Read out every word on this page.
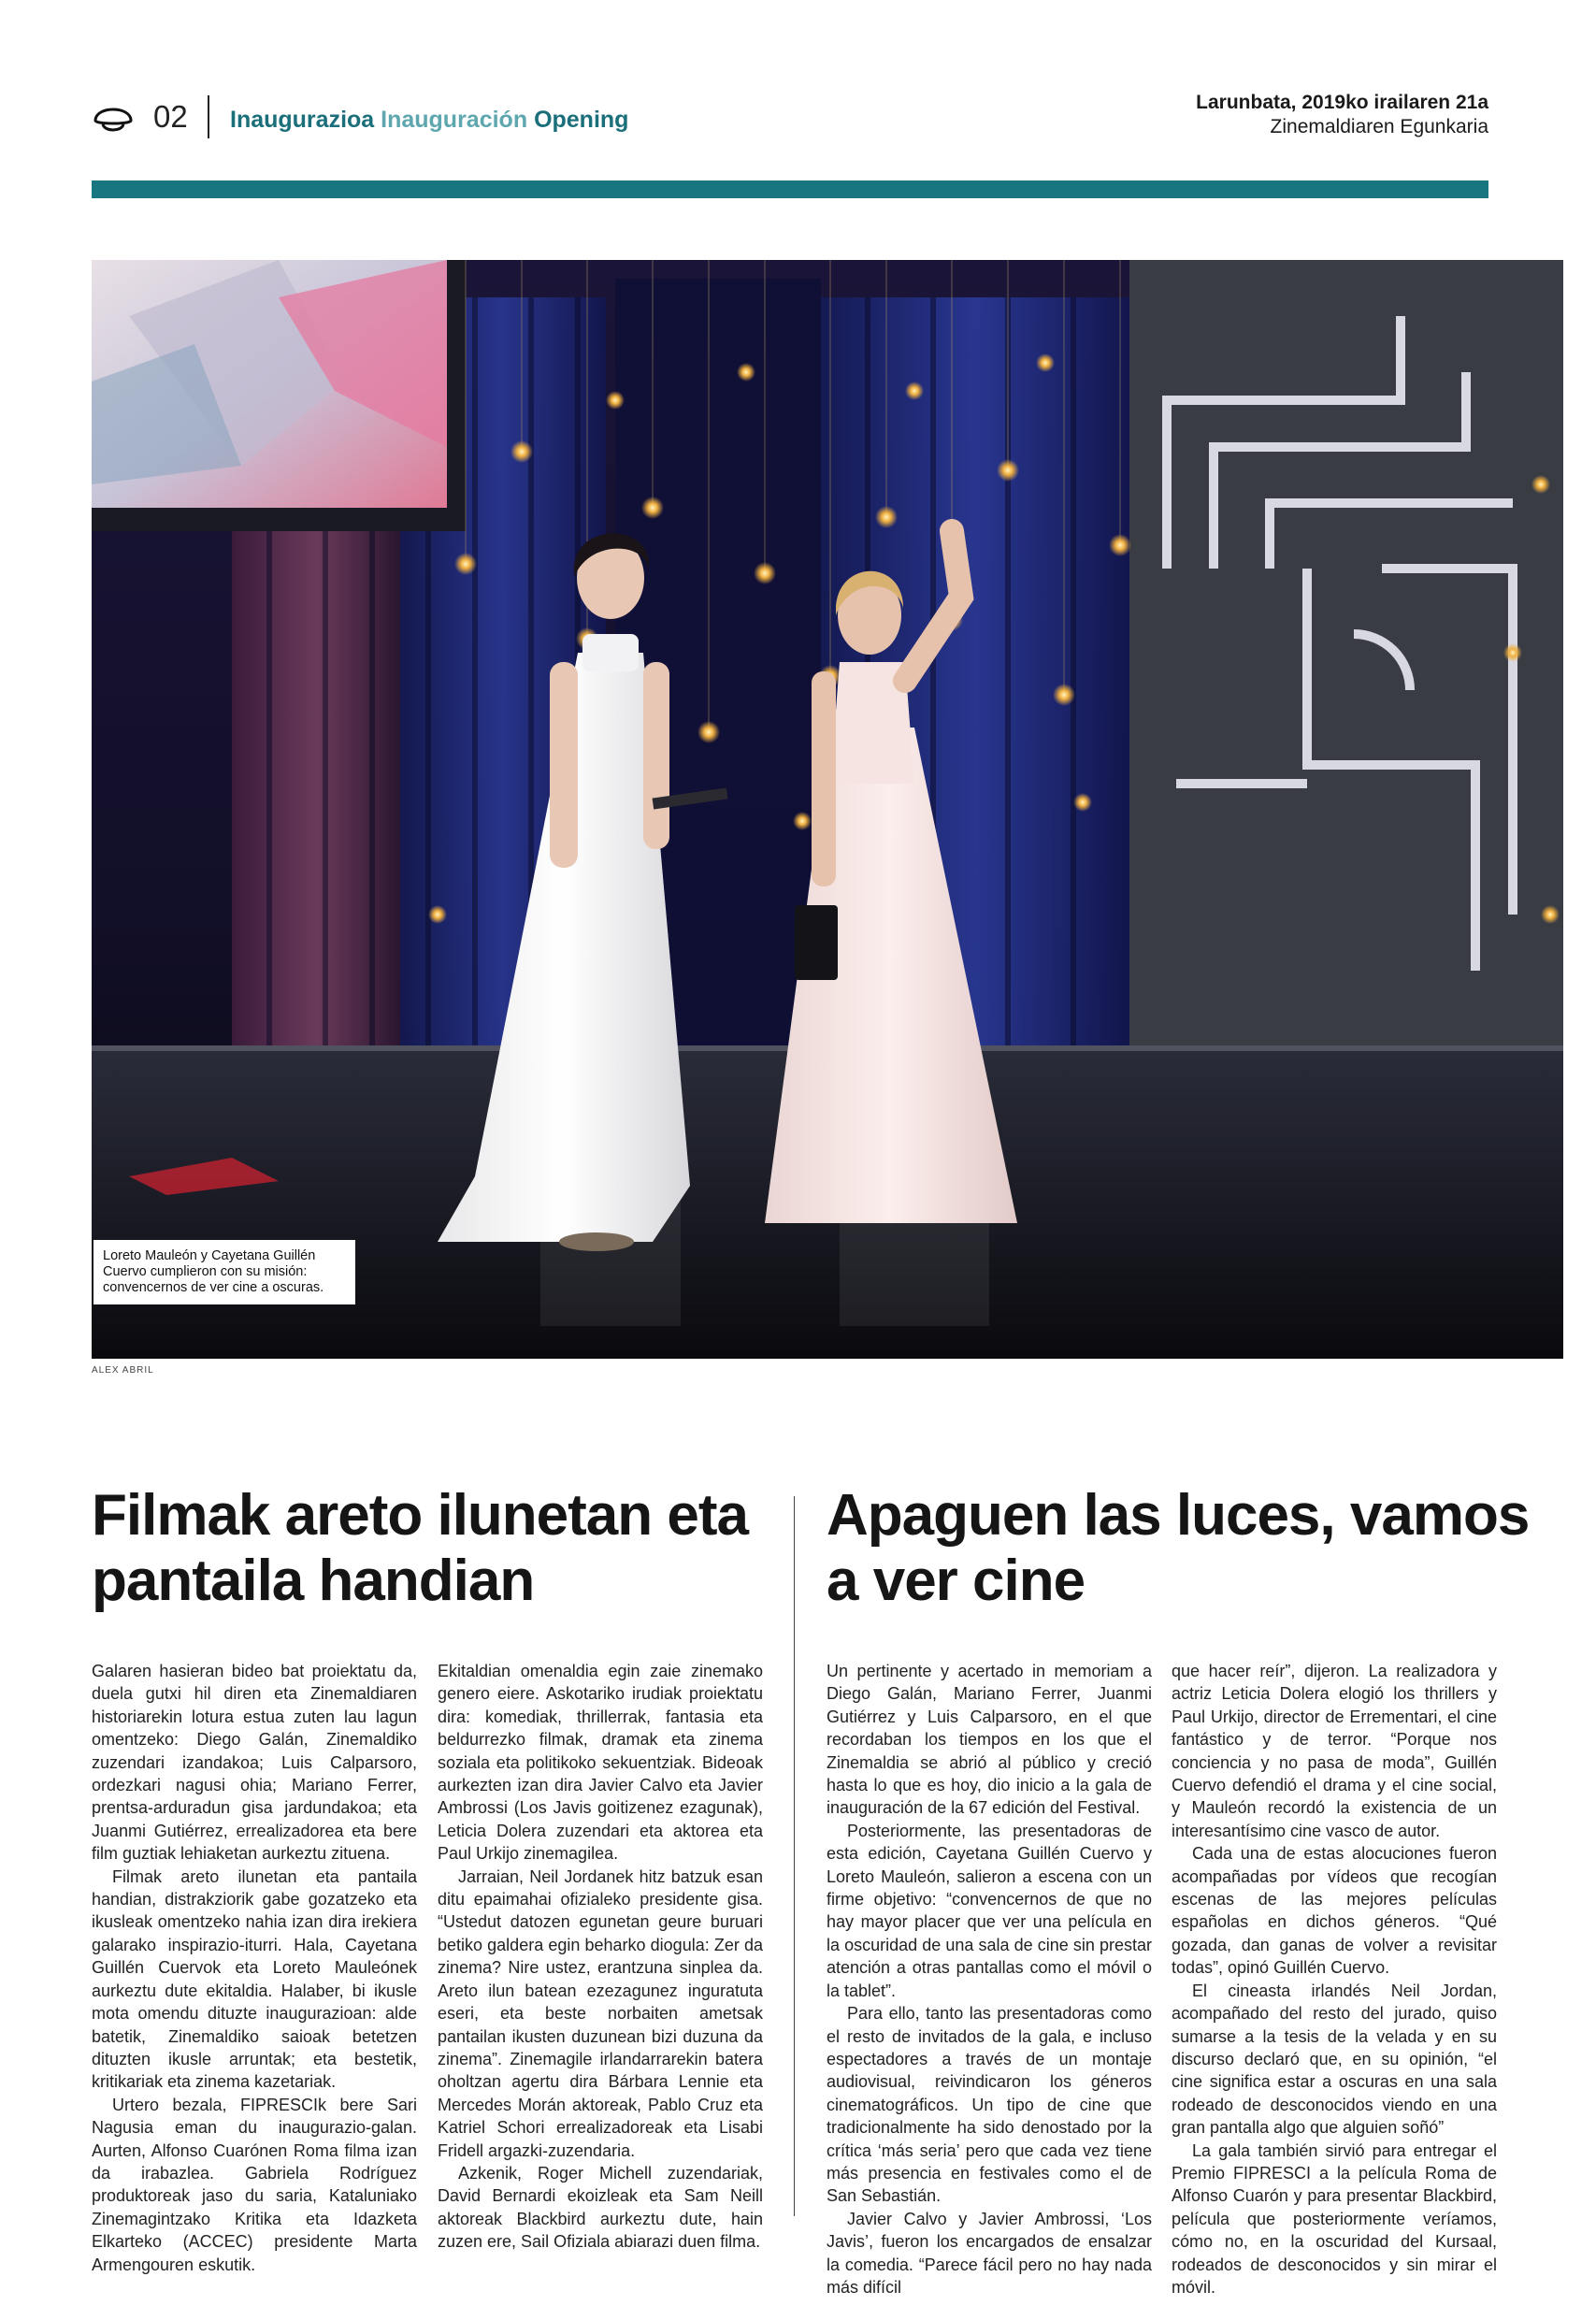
02 Inaugurazioa Inauguración Opening
Larunbata, 2019ko irailaren 21a
Zinemaldiaren Egunkaria
Loreto Mauleón y Cayetana Guillén Cuervo cumplieron con su misión: convencernos de ver cine a oscuras.
ALEX ABRIL
Filmak areto ilunetan eta pantaila handian
Apaguen las luces, vamos a ver cine

Galaren hasieran bideo bat proiektatu da, duela gutxi hil diren eta Zinemaldiaren historiarekin lotura estua zuten lau lagun omentzeko: Diego Galán, Zinemaldiko zuzendari izandakoa; Luis Calparsoro, ordezkari nagusi ohia; Mariano Ferrer, prentsa-arduradun gisa jardundakoa; eta Juanmi Gutiérrez, errealizadorea eta bere film guztiak lehiaketan aurkeztu zituena.

Filmak areto ilunetan eta pantaila handian, distrakziorik gabe gozatzeko eta ikusleak omentzeko nahia izan dira irekiera galarako inspirazio-iturri. Hala, Cayetana Guillén Cuervok eta Loreto Mauleónek aurkeztu dute ekitaldia. Halaber, bi ikusle mota omendu dituzte inaugurazioan: alde batetik, Zinemaldiko saioak betetzen dituzten ikusle arruntak; eta bestetik, kritikariak eta zinema kazetariak.

Urtero bezala, FIPRESCIk bere Sari Nagusia eman du inaugurazio-galan. Aurten, Alfonso Cuarónen Roma filma izan da irabazlea. Gabriela Rodríguez produktoreak jaso du saria, Kataluniako Zinemagintzako Kritika eta Idazketa Elkarteko (ACCEC) presidente Marta Armengouren eskutik.

Ekitaldian omenaldia egin zaie zinemako genero eiere. Askotariko irudiak proiektatu dira: komediak, thrillerrak, fantasia eta beldurrezko filmak, dramak eta zinema soziala eta politikoko sekuentziak. Bideoak aurkezten izan dira Javier Calvo eta Javier Ambrossi (Los Javis goitizenez ezagunak), Leticia Dolera zuzendari eta aktorea eta Paul Urkijo zinemagilea.

Jarraian, Neil Jordanek hitz batzuk esan ditu epaimahai ofizialeko presidente gisa. “Ustedut datozen egunetan geure buruari betiko galdera egin beharko diogula: Zer da zinema? Nire ustez, erantzuna sinplea da. Areto ilun batean ezezagunez inguratuta eseri, eta beste norbaiten ametsak pantailan ikusten duzunean bizi duzuna da zinema”. Zinemagile irlandarrarekin batera oholtzan agertu dira Bárbara Lennie eta Mercedes Morán aktoreak, Pablo Cruz eta Katriel Schori errealizadoreak eta Lisabi Fridell argazki-zuzendaria.

Azkenik, Roger Michell zuzendariak, David Bernardi ekoizleak eta Sam Neill aktoreak Blackbird aurkeztu dute, hain zuzen ere, Sail Ofiziala abiarazi duen filma.

Un pertinente y acertado in memoriam a Diego Galán, Mariano Ferrer, Juanmi Gutiérrez y Luis Calparsoro, en el que recordaban los tiempos en los que el Zinemaldia se abrió al público y creció hasta lo que es hoy, dio inicio a la gala de inauguración de la 67 edición del Festival.

Posteriormente, las presentadoras de esta edición, Cayetana Guillén Cuervo y Loreto Mauleón, salieron a escena con un firme objetivo: “convencernos de que no hay mayor placer que ver una película en la oscuridad de una sala de cine sin prestar atención a otras pantallas como el móvil o la tablet”.

Para ello, tanto las presentadoras como el resto de invitados de la gala, e incluso espectadores a través de un montaje audiovisual, reivindicaron los géneros cinematográficos. Un tipo de cine que tradicionalmente ha sido denostado por la crítica ‘más seria’ pero que cada vez tiene más presencia en festivales como el de San Sebastián.

Javier Calvo y Javier Ambrossi, ‘Los Javis’, fueron los encargados de ensalzar la comedia. “Parece fácil pero no hay nada más difícil

que hacer reír”, dijeron. La realizadora y actriz Leticia Dolera elogió los thrillers y Paul Urkijo, director de Errementari, el cine fantástico y de terror. “Porque nos conciencia y no pasa de moda”, Guillén Cuervo defendió el drama y el cine social, y Mauleón recordó la existencia de un interesantísimo cine vasco de autor.

Cada una de estas alocuciones fueron acompañadas por vídeos que recogían escenas de las mejores películas españolas en dichos géneros. “Qué gozada, dan ganas de volver a revisitar todas”, opinó Guillén Cuervo.

El cineasta irlandés Neil Jordan, acompañado del resto del jurado, quiso sumarse a la tesis de la velada y en su discurso declaró que, en su opinión, “el cine significa estar a oscuras en una sala rodeado de desconocidos viendo en una gran pantalla algo que alguien soñó”

La gala también sirvió para entregar el Premio FIPRESCI a la película Roma de Alfonso Cuarón y para presentar Blackbird, película que posteriormente veríamos, cómo no, en la oscuridad del Kursaal, rodeados de desconocidos y sin mirar el móvil.
